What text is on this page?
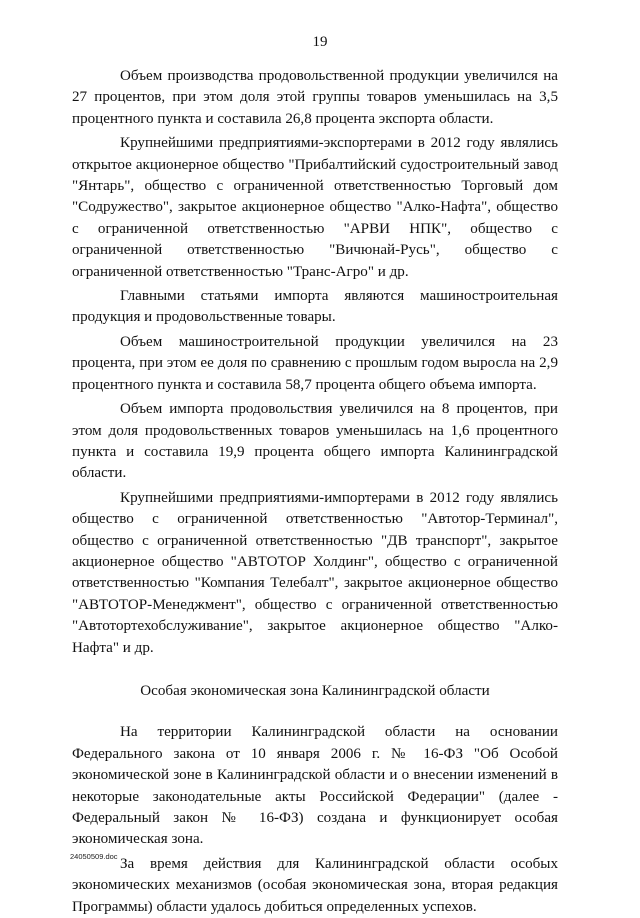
19

Объем производства продовольственной продукции увеличился на 27 процентов, при этом доля этой группы товаров уменьшилась на 3,5 процентного пункта и составила 26,8 процента экспорта области.

Крупнейшими предприятиями-экспортерами в 2012 году являлись открытое акционерное общество "Прибалтийский судостроительный завод "Янтарь", общество с ограниченной ответственностью Торговый дом "Содружество", закрытое акционерное общество "Алко-Нафта", общество с ограниченной ответственностью "АРВИ НПК", общество с ограниченной ответственностью "Вичюнай-Русь", общество с ограниченной ответственностью "Транс-Агро" и др.

Главными статьями импорта являются машиностроительная продукция и продовольственные товары.

Объем машиностроительной продукции увеличился на 23 процента, при этом ее доля по сравнению с прошлым годом выросла на 2,9 процентного пункта и составила 58,7 процента общего объема импорта.

Объем импорта продовольствия увеличился на 8 процентов, при этом доля продовольственных товаров уменьшилась на 1,6 процентного пункта и составила 19,9 процента общего импорта Калининградской области.

Крупнейшими предприятиями-импортерами в 2012 году являлись общество с ограниченной ответственностью "Автотор-Терминал", общество с ограниченной ответственностью "ДВ транспорт", закрытое акционерное общество "АВТОТОР Холдинг", общество с ограниченной ответственностью "Компания Телебалт", закрытое акционерное общество "АВТОТОР-Менеджмент", общество с ограниченной ответственностью "Автотортехобслуживание", закрытое акционерное общество "Алко-Нафта" и др.

Особая экономическая зона Калининградской области

На территории Калининградской области на основании Федерального закона от 10 января 2006 г. № 16-ФЗ "Об Особой экономической зоне в Калининградской области и о внесении изменений в некоторые законодательные акты Российской Федерации" (далее - Федеральный закон № 16-ФЗ) создана и функционирует особая экономическая зона.

За время действия для Калининградской области особых экономических механизмов (особая экономическая зона, вторая редакция Программы) области удалось добиться определенных успехов.

24050509.doc
